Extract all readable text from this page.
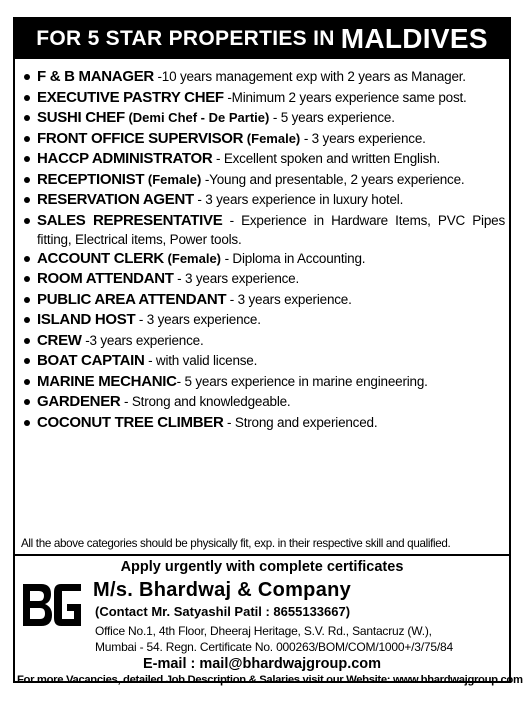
FOR 5 STAR PROPERTIES IN MALDIVES
F & B MANAGER -10 years management exp with 2 years as Manager.
EXECUTIVE PASTRY CHEF -Minimum 2 years experience same post.
SUSHI CHEF (Demi Chef - De Partie) - 5 years experience.
FRONT OFFICE SUPERVISOR (Female) - 3 years experience.
HACCP ADMINISTRATOR - Excellent spoken and written English.
RECEPTIONIST (Female) -Young and presentable, 2 years experience.
RESERVATION AGENT - 3 years experience in luxury hotel.
SALES REPRESENTATIVE - Experience in Hardware Items, PVC Pipes fitting, Electrical items, Power tools.
ACCOUNT CLERK (Female) - Diploma in Accounting.
ROOM ATTENDANT - 3 years experience.
PUBLIC AREA ATTENDANT - 3 years experience.
ISLAND HOST - 3 years experience.
CREW -3 years experience.
BOAT CAPTAIN - with valid license.
MARINE MECHANIC- 5 years experience in marine engineering.
GARDENER - Strong and knowledgeable.
COCONUT TREE CLIMBER - Strong and experienced.
All the above categories should be physically fit, exp. in their respective skill and qualified.
Apply urgently with complete certificates
M/s. Bhardwaj & Company
(Contact Mr. Satyashil Patil : 8655133667)
Office No.1, 4th Floor, Dheeraj Heritage, S.V. Rd., Santacruz (W.),
Mumbai - 54. Regn. Certificate No. 000263/BOM/COM/1000+/3/75/84
E-mail : mail@bhardwajgroup.com
For more Vacancies, detailed Job Description & Salaries visit our Website: www.bhardwajgroup.com
